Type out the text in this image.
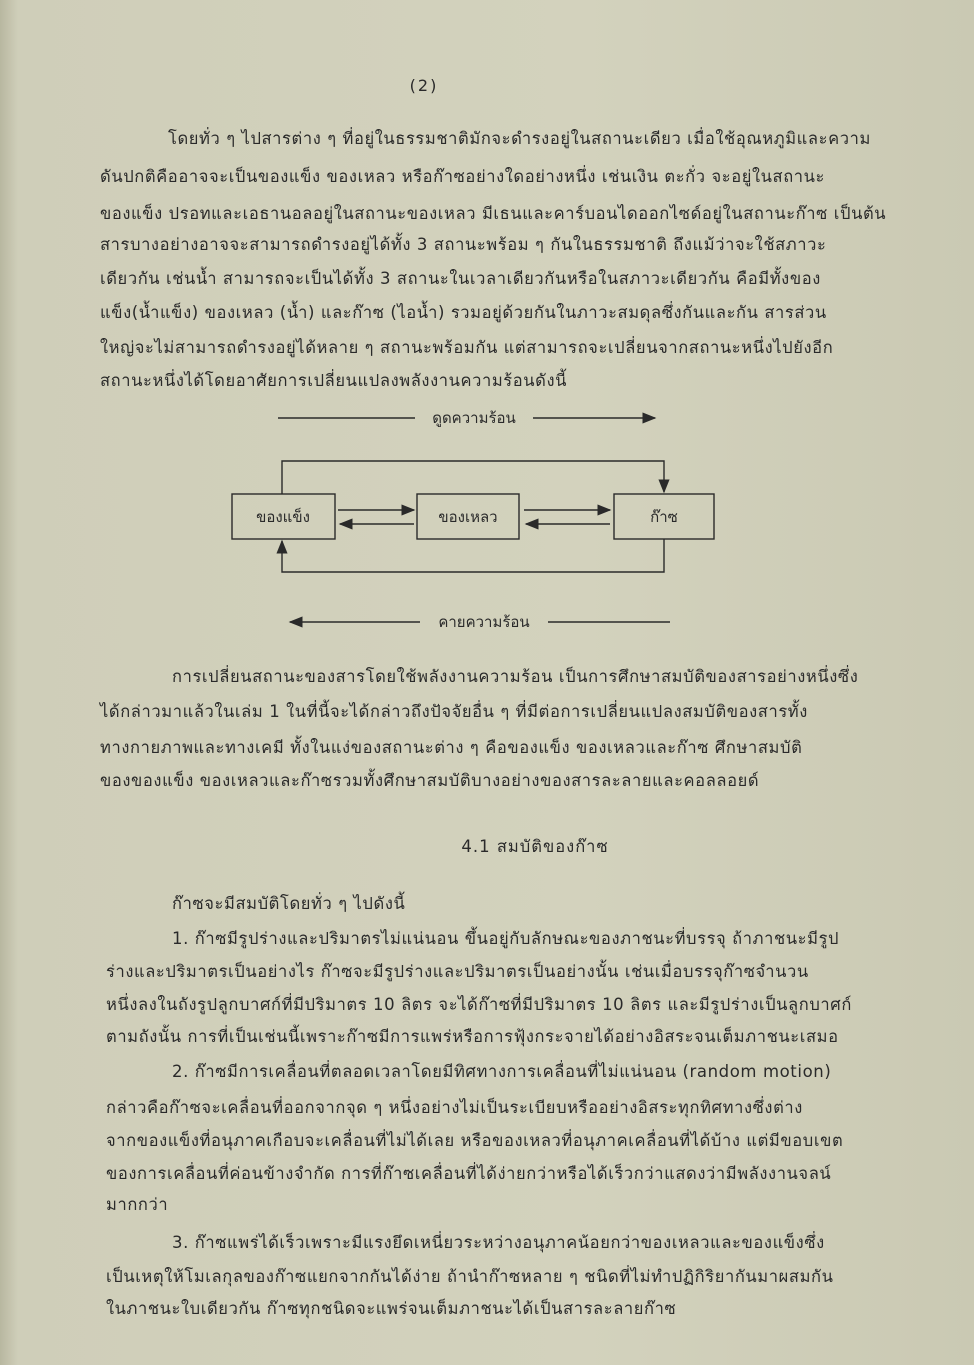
(2)
โดยทั่ว ๆ ไปสารต่าง ๆ ที่อยู่ในธรรมชาติมักจะดำรงอยู่ในสถานะเดียว เมื่อใช้อุณหภูมิและความ
ดันปกติคืออาจจะเป็นของแข็ง ของเหลว หรือก๊าซอย่างใดอย่างหนึ่ง เช่นเงิน ตะกั่ว จะอยู่ในสถานะ
ของแข็ง ปรอทและเอธานอลอยู่ในสถานะของเหลว มีเธนและคาร์บอนไดออกไซด์อยู่ในสถานะก๊าซ เป็นต้น
สารบางอย่างอาจจะสามารถดำรงอยู่ได้ทั้ง 3 สถานะพร้อม ๆ กันในธรรมชาติ ถึงแม้ว่าจะใช้สภาวะ
เดียวกัน เช่นน้ำ สามารถจะเป็นได้ทั้ง 3 สถานะในเวลาเดียวกันหรือในสภาวะเดียวกัน คือมีทั้งของ
แข็ง(น้ำแข็ง) ของเหลว (น้ำ) และก๊าซ (ไอน้ำ) รวมอยู่ด้วยกันในภาวะสมดุลซึ่งกันและกัน สารส่วน
ใหญ่จะไม่สามารถดำรงอยู่ได้หลาย ๆ สถานะพร้อมกัน แต่สามารถจะเปลี่ยนจากสถานะหนึ่งไปยังอีก
สถานะหนึ่งได้โดยอาศัยการเปลี่ยนแปลงพลังงานความร้อนดังนี้
ดูดความร้อน
คายความร้อน
ของแข็ง	ของเหลว	ก๊าซ
การเปลี่ยนสถานะของสารโดยใช้พลังงานความร้อน เป็นการศึกษาสมบัติของสารอย่างหนึ่งซึ่ง
ได้กล่าวมาแล้วในเล่ม 1 ในที่นี้จะได้กล่าวถึงปัจจัยอื่น ๆ ที่มีต่อการเปลี่ยนแปลงสมบัติของสารทั้ง
ทางกายภาพและทางเคมี ทั้งในแง่ของสถานะต่าง ๆ คือของแข็ง ของเหลวและก๊าซ ศึกษาสมบัติ
ของของแข็ง ของเหลวและก๊าซรวมทั้งศึกษาสมบัติบางอย่างของสารละลายและคอลลอยด์
4.1 สมบัติของก๊าซ
ก๊าซจะมีสมบัติโดยทั่ว ๆ ไปดังนี้
1. ก๊าซมีรูปร่างและปริมาตรไม่แน่นอน ขึ้นอยู่กับลักษณะของภาชนะที่บรรจุ ถ้าภาชนะมีรูป
ร่างและปริมาตรเป็นอย่างไร ก๊าซจะมีรูปร่างและปริมาตรเป็นอย่างนั้น เช่นเมื่อบรรจุก๊าซจำนวน
หนึ่งลงในถังรูปลูกบาศก์ที่มีปริมาตร 10 ลิตร จะได้ก๊าซที่มีปริมาตร 10 ลิตร และมีรูปร่างเป็นลูกบาศก์
ตามถังนั้น การที่เป็นเช่นนี้เพราะก๊าซมีการแพร่หรือการฟุ้งกระจายได้อย่างอิสระจนเต็มภาชนะเสมอ
2. ก๊าซมีการเคลื่อนที่ตลอดเวลาโดยมีทิศทางการเคลื่อนที่ไม่แน่นอน (random motion)
กล่าวคือก๊าซจะเคลื่อนที่ออกจากจุด ๆ หนึ่งอย่างไม่เป็นระเบียบหรืออย่างอิสระทุกทิศทางซึ่งต่าง
จากของแข็งที่อนุภาคเกือบจะเคลื่อนที่ไม่ได้เลย หรือของเหลวที่อนุภาคเคลื่อนที่ได้บ้าง แต่มีขอบเขต
ของการเคลื่อนที่ค่อนข้างจำกัด การที่ก๊าซเคลื่อนที่ได้ง่ายกว่าหรือได้เร็วกว่าแสดงว่ามีพลังงานจลน์
มากกว่า
3. ก๊าซแพร่ได้เร็วเพราะมีแรงยึดเหนี่ยวระหว่างอนุภาคน้อยกว่าของเหลวและของแข็งซึ่ง
เป็นเหตุให้โมเลกุลของก๊าซแยกจากกันได้ง่าย ถ้านำก๊าซหลาย ๆ ชนิดที่ไม่ทำปฏิกิริยากันมาผสมกัน
ในภาชนะใบเดียวกัน ก๊าซทุกชนิดจะแพร่จนเต็มภาชนะได้เป็นสารละลายก๊าซ
